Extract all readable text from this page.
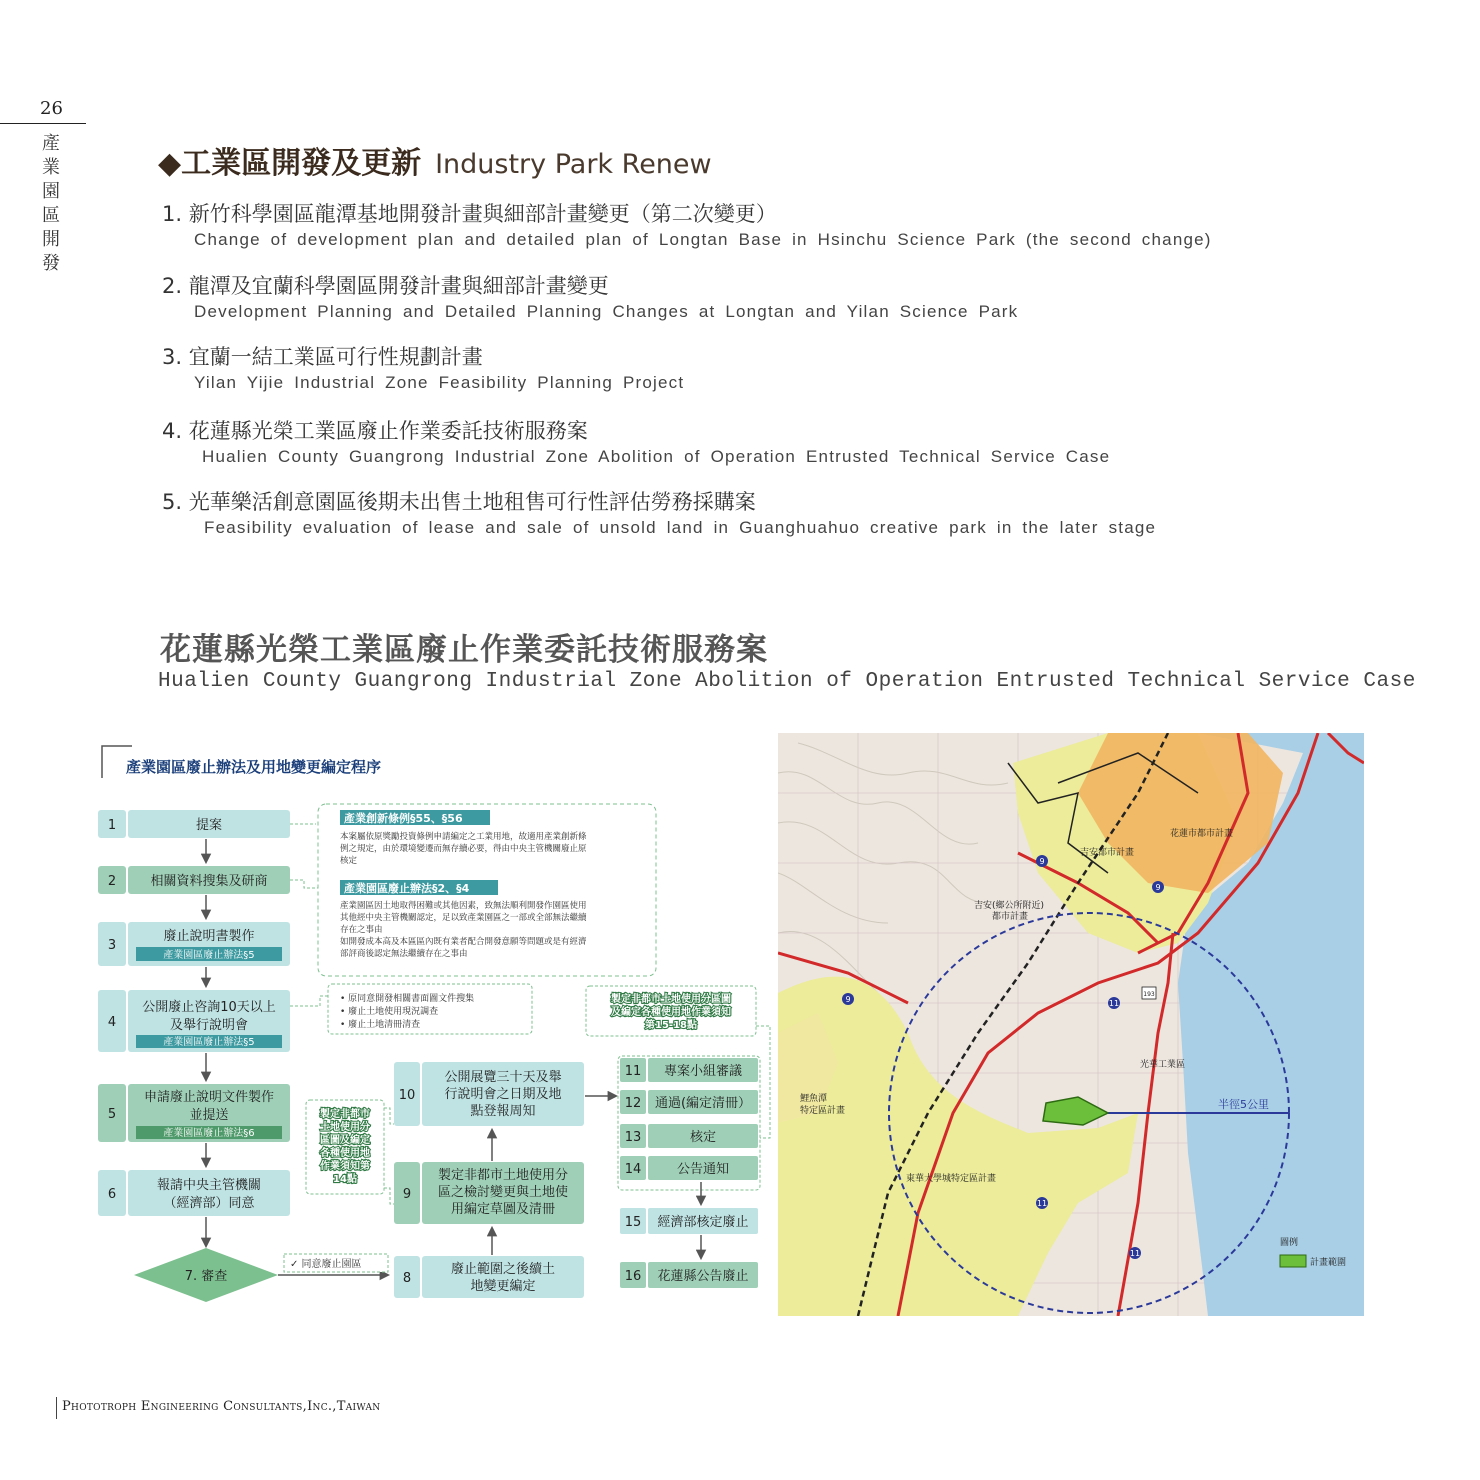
26
產業園區開發
◆工業區開發及更新 Industry Park Renew
1. 新竹科學園區龍潭基地開發計畫與細部計畫變更（第二次變更）
Change of development plan and detailed plan of Longtan Base in Hsinchu Science Park (the second change)
2. 龍潭及宜蘭科學園區開發計畫與細部計畫變更
Development Planning and Detailed Planning Changes at Longtan and Yilan Science Park
3. 宜蘭一結工業區可行性規劃計畫
Yilan Yijie Industrial Zone Feasibility Planning Project
4. 花蓮縣光榮工業區廢止作業委託技術服務案
Hualien County Guangrong Industrial Zone Abolition of Operation Entrusted Technical Service Case
5. 光華樂活創意園區後期未出售土地租售可行性評估勞務採購案
Feasibility evaluation of lease and sale of unsold land in Guanghuahuo creative park in the later stage
花蓮縣光榮工業區廢止作業委託技術服務案
Hualien County Guangrong Industrial Zone Abolition of Operation Entrusted Technical Service Case
產業園區廢止辦法及用地變更編定程序
1	提案
2	相關資料搜集及研商
3
廢止說明書製作
產業園區廢止辦法§5
4
公開廢止咨詢10天以上
及舉行說明會
產業園區廢止辦法§5
5
申請廢止說明文件製作
並提送
產業園區廢止辦法§6
6
報請中央主管機關
（經濟部）同意
7. 審查
✓ 同意廢止園區
8
廢止範圍之後續土
地變更編定
9
製定非都市土地使用分
區之檢討變更與土地使
用編定草圖及清冊
10
公開展覽三十天及舉
行說明會之日期及地
點登報周知
製定非都市
土地使用分
區圖及編定
各種使用地
作業須知第
14點
產業創新條例§55、§56
本案屬依原獎勵投資條例申請編定之工業用地，故適用產業創新條
例之規定，由於環境變遷而無存續必要，得由中央主管機關廢止原
核定
產業園區廢止辦法§2、§4
產業園區因土地取得困難或其他因素，致無法順利開發作園區使用
其他經中央主管機關認定，足以致產業園區之一部或全部無法繼續
存在之事由
如開發成本高及本區區內既有業者配合開發意願等問題或是有經濟
部評商後認定無法繼續存在之事由
• 原同意開發相關書面圖文件搜集
• 廢止土地使用現況調查
• 廢止土地清冊清查
製定非都市土地使用分區圖
及編定各種使用地作業須知
第15-18點
11 專案小組審議
12 通過(編定清冊）
13	核定
14	公告通知
15 經濟部核定廢止
16 花蓮縣公告廢止
花蓮市都市計畫
吉安都市計畫
吉安(鄉公所附近)
都市計畫
光華工業區
鯉魚潭
特定區計畫
東華大學城特定區計畫
半徑5公里
9
9
9	11
11
11
193
圖例
計畫範圍
Phototroph Engineering Consultants,Inc.,Taiwan
